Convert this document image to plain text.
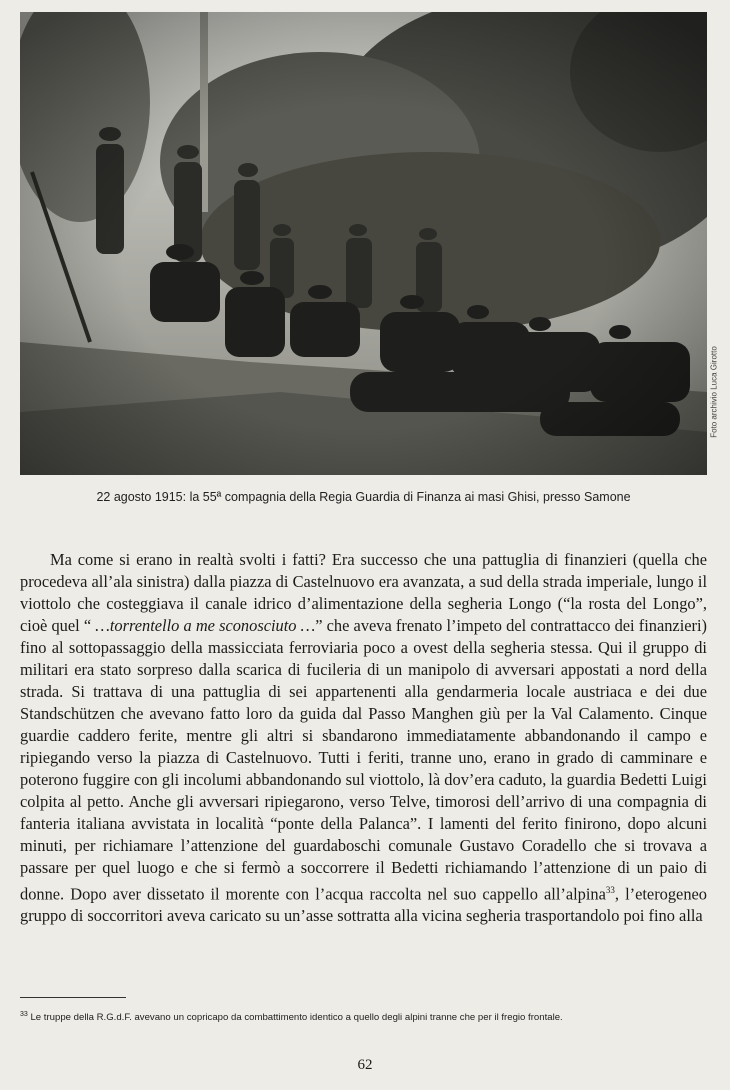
Foto archivio Luca Girotto
22 agosto 1915: la 55ª compagnia della Regia Guardia di Finanza ai masi Ghisi, presso Samone

Ma come si erano in realtà svolti i fatti? Era successo che una pattuglia di finanzieri (quella che procedeva all’ala sinistra) dalla piazza di Castelnuovo era avanzata, a sud della strada imperiale, lungo il viottolo che costeggiava il canale idrico d’alimentazione della segheria Longo (“la rosta del Longo”, cioè quel “ …torrentello a me sconosciuto …” che aveva frenato l’impeto del contrattacco dei finanzieri) fino al sottopassaggio della massicciata ferroviaria poco a ovest della segheria stessa. Qui il gruppo di militari era stato sorpreso dalla scarica di fucileria di un manipolo di avversari appostati a nord della strada. Si trattava di una pattuglia di sei appartenenti alla gendarmeria locale austriaca e dei due Standschützen che avevano fatto loro da guida dal Passo Manghen giù per la Val Calamento. Cinque guardie caddero ferite, mentre gli altri si sbandarono immediatamente abbandonando il campo e ripiegando verso la piazza di Castelnuovo. Tutti i feriti, tranne uno, erano in grado di camminare e poterono fuggire con gli incolumi abbandonando sul viottolo, là dov’era caduto, la guardia Bedetti Luigi colpita al petto. Anche gli avversari ripiegarono, verso Telve, timorosi dell’arrivo di una compagnia di fanteria italiana avvistata in località “ponte della Palanca”. I lamenti del ferito finirono, dopo alcuni minuti, per richiamare l’attenzione del guardaboschi comunale Gustavo Coradello che si trovava a passare per quel luogo e che si fermò a soccorrere il Bedetti richiamando l’attenzione di un paio di donne. Dopo aver dissetato il morente con l’acqua raccolta nel suo cappello all’alpina$^{33}$, l’eterogeneo gruppo di soccorritori aveva caricato su un’asse sottratta alla vicina segheria trasportandolo poi fino alla

$^{33}$ Le truppe della R.G.d.F. avevano un copricapo da combattimento identico a quello degli alpini tranne che per il fregio frontale.
62
